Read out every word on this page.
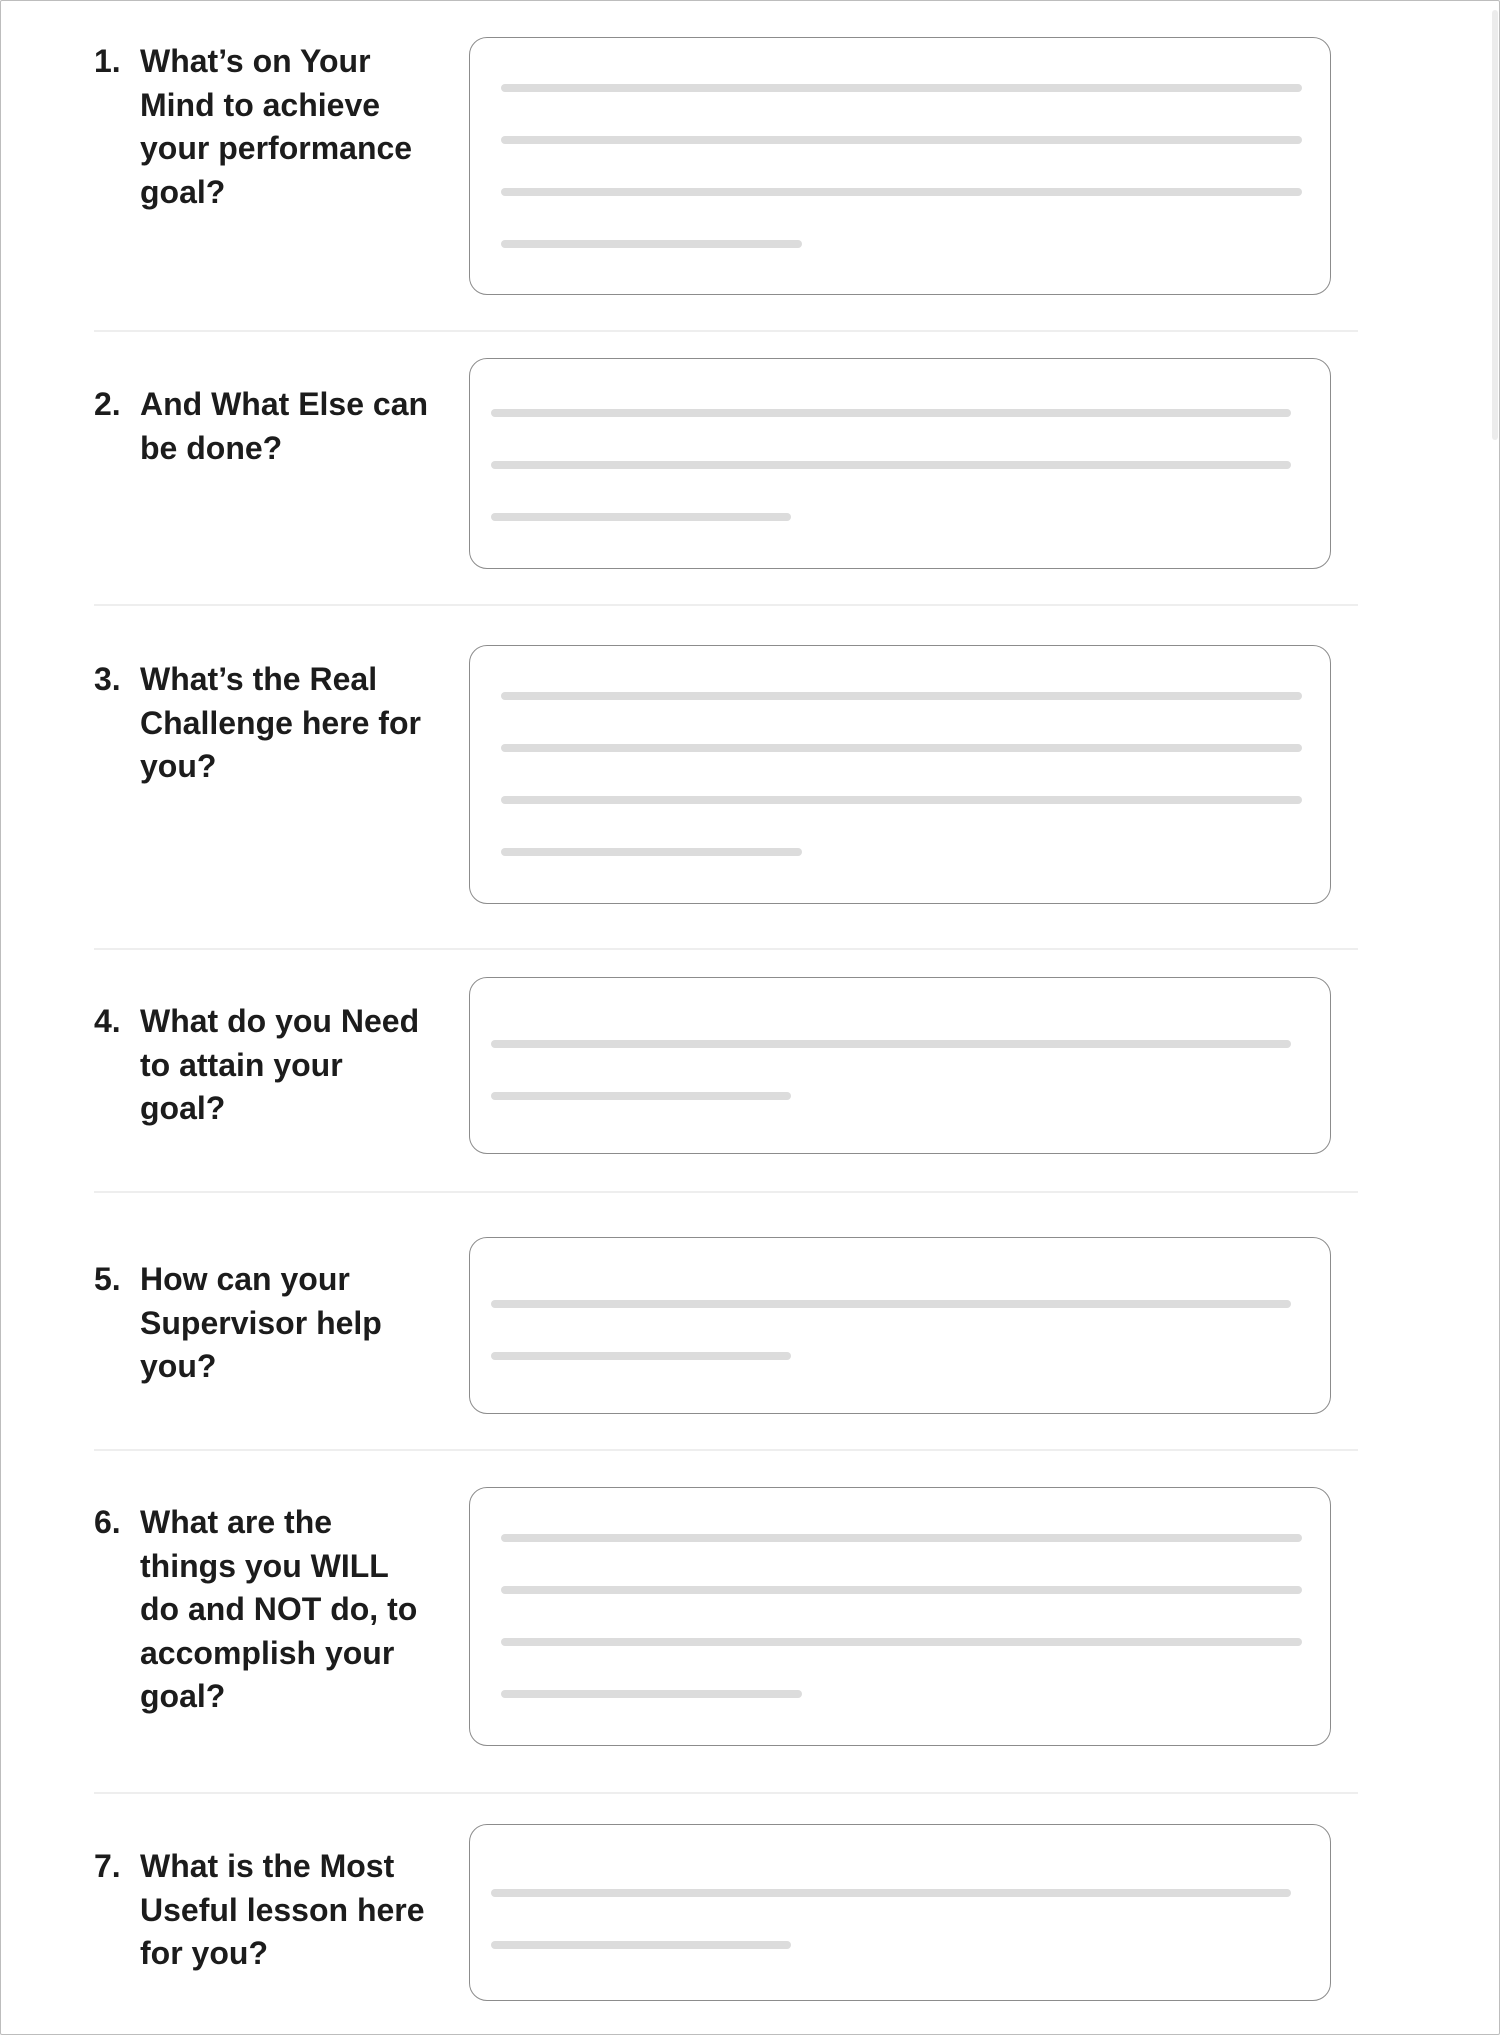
1. What’s on Your Mind to achieve your performance goal?
2. And What Else can be done?
3. What’s the Real Challenge here for you?
4. What do you Need to attain your goal?
5. How can your Supervisor help you?
6. What are the things you WILL do and NOT do, to accomplish your goal?
7. What is the Most Useful lesson here for you?
